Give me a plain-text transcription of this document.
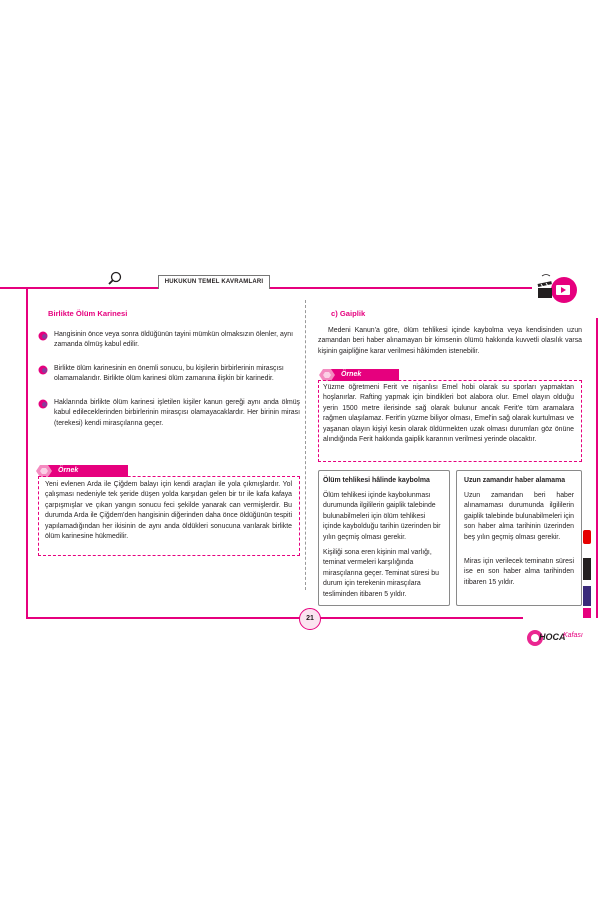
HUKUKUN TEMEL KAVRAMLARI
Birlikte Ölüm Karinesi
Hangisinin önce veya sonra öldüğünün tayini mümkün olmaksızın ölenler, aynı zamanda ölmüş kabul edilir.
Birlikte ölüm karinesinin en önemli sonucu, bu kişilerin birbirlerinin mirasçısı olamamalarıdır. Birlikte ölüm karinesi ölüm zamanına ilişkin bir karinedir.
Haklarında birlikte ölüm karinesi işletilen kişiler kanun gereği aynı anda ölmüş kabul edileceklerinden birbirlerinin mirasçısı olamayacaklardır. Her birinin mirası (terekesi) kendi mirasçılarına geçer.
Örnek
Yeni evlenen Arda ile Çiğdem balayı için kendi araçları ile yola çıkmışlardır. Yol çalışması nedeniyle tek şeride düşen yolda karşıdan gelen bir tır ile kafa kafaya çarpışmışlar ve çıkan yangın sonucu feci şekilde yanarak can vermişlerdir. Bu durumda Arda ile Çiğdem'den hangisinin diğerinden daha önce öldüğünün tespiti yapılamadığından her ikisinin de aynı anda öldükleri sonucuna varılarak birlikte ölüm karinesine hükmedilir.
c) Gaiplik
Medeni Kanun'a göre, ölüm tehlikesi içinde kaybolma veya kendisinden uzun zamandan beri haber alınamayan bir kimsenin ölümü hakkında kuvvetli olasılık varsa kişinin gaipliğine karar verilmesi hâkimden istenebilir.
Örnek
Yüzme öğretmeni Ferit ve nişanlısı Emel hobi olarak su sporları yapmaktan hoşlanırlar. Rafting yapmak için bindikleri bot alabora olur. Emel olayın olduğu yerin 1500 metre ilerisinde sağ olarak bulunur ancak Ferit'e tüm aramalara rağmen ulaşılamaz. Ferit'in yüzme biliyor olması, Emel'in sağ olarak kurtulması ve yaşanan olayın kişiyi kesin olarak öldürmekten uzak olması durumları göz önüne alındığında Ferit hakkında gaiplik kararının verilmesi yerinde olacaktır.
Ölüm tehlikesi hâlinde kaybolma
Ölüm tehlikesi içinde kaybolunması durumunda ilgililerin gaiplik talebinde bulunabilmeleri için ölüm tehlikesi içinde kaybolduğu tarihin üzerinden bir yılın geçmiş olması gerekir.
Kişiliği sona eren kişinin mal varlığı, teminat vermeleri karşılığında mirasçılarına geçer. Teminat süresi bu durum için terekenin mirasçılara tesliminden itibaren 5 yıldır.
Uzun zamandır haber alamama
Uzun zamandan beri haber alınamaması durumunda ilgililerin gaiplik talebinde bulunabilmeleri için son haber alma tarihinin üzerinden beş yılın geçmiş olması gerekir.
Miras için verilecek teminatın süresi ise en son haber alma tarihinden itibaren 15 yıldır.
21
HOCA
Kafası
